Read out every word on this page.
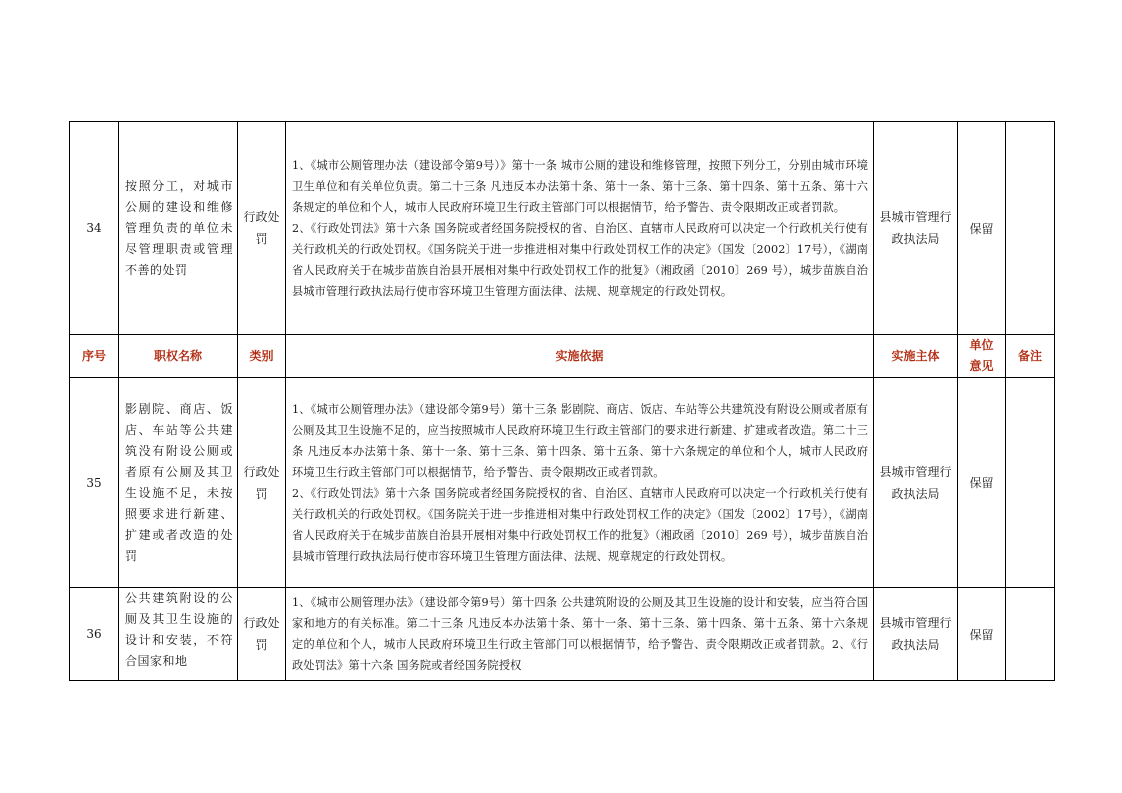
34	按照分工，对城市公厕的建设和维修管理负责的单位未尽管理职责或管理不善的处罚	行政处罚	1、《城市公厕管理办法（建设部令第9号）》第十一条 城市公厕的建设和维修管理，按照下列分工，分别由城市环境卫生单位和有关单位负责。第二十三条 凡违反本办法第十条、第十一条、第十三条、第十四条、第十五条、第十六条规定的单位和个人，城市人民政府环境卫生行政主管部门可以根据情节，给予警告、责令限期改正或者罚款。

2、《行政处罚法》第十六条 国务院或者经国务院授权的省、自治区、直辖市人民政府可以决定一个行政机关行使有关行政机关的行政处罚权。《国务院关于进一步推进相对集中行政处罚权工作的决定》（国发〔2002〕17号），《湖南省人民政府关于在城步苗族自治县开展相对集中行政处罚权工作的批复》（湘政函〔2010〕269 号），城步苗族自治县城市管理行政执法局行使市容环境卫生管理方面法律、法规、规章规定的行政处罚权。	县城市管理行政执法局	保留	
序号	职权名称	类别	实施依据	实施主体	单位意见	备注
35	影剧院、商店、饭店、车站等公共建筑没有附设公厕或者原有公厕及其卫生设施不足，未按照要求进行新建、扩建或者改造的处罚	行政处罚	1、《城市公厕管理办法》（建设部令第9号）第十三条 影剧院、商店、饭店、车站等公共建筑没有附设公厕或者原有公厕及其卫生设施不足的，应当按照城市人民政府环境卫生行政主管部门的要求进行新建、扩建或者改造。第二十三条 凡违反本办法第十条、第十一条、第十三条、第十四条、第十五条、第十六条规定的单位和个人，城市人民政府环境卫生行政主管部门可以根据情节，给予警告、责令限期改正或者罚款。

2、《行政处罚法》第十六条 国务院或者经国务院授权的省、自治区、直辖市人民政府可以决定一个行政机关行使有关行政机关的行政处罚权。《国务院关于进一步推进相对集中行政处罚权工作的决定》（国发〔2002〕17号），《湖南省人民政府关于在城步苗族自治县开展相对集中行政处罚权工作的批复》（湘政函〔2010〕269 号），城步苗族自治县城市管理行政执法局行使市容环境卫生管理方面法律、法规、规章规定的行政处罚权。	县城市管理行政执法局	保留	
36	公共建筑附设的公厕及其卫生设施的设计和安装，不符合国家和地	行政处罚	1、《城市公厕管理办法》（建设部令第9号）第十四条 公共建筑附设的公厕及其卫生设施的设计和安装，应当符合国家和地方的有关标准。第二十三条 凡违反本办法第十条、第十一条、第十三条、第十四条、第十五条、第十六条规定的单位和个人，城市人民政府环境卫生行政主管部门可以根据情节，给予警告、责令限期改正或者罚款。2、《行政处罚法》第十六条 国务院或者经国务院授权	县城市管理行政执法局	保留	
